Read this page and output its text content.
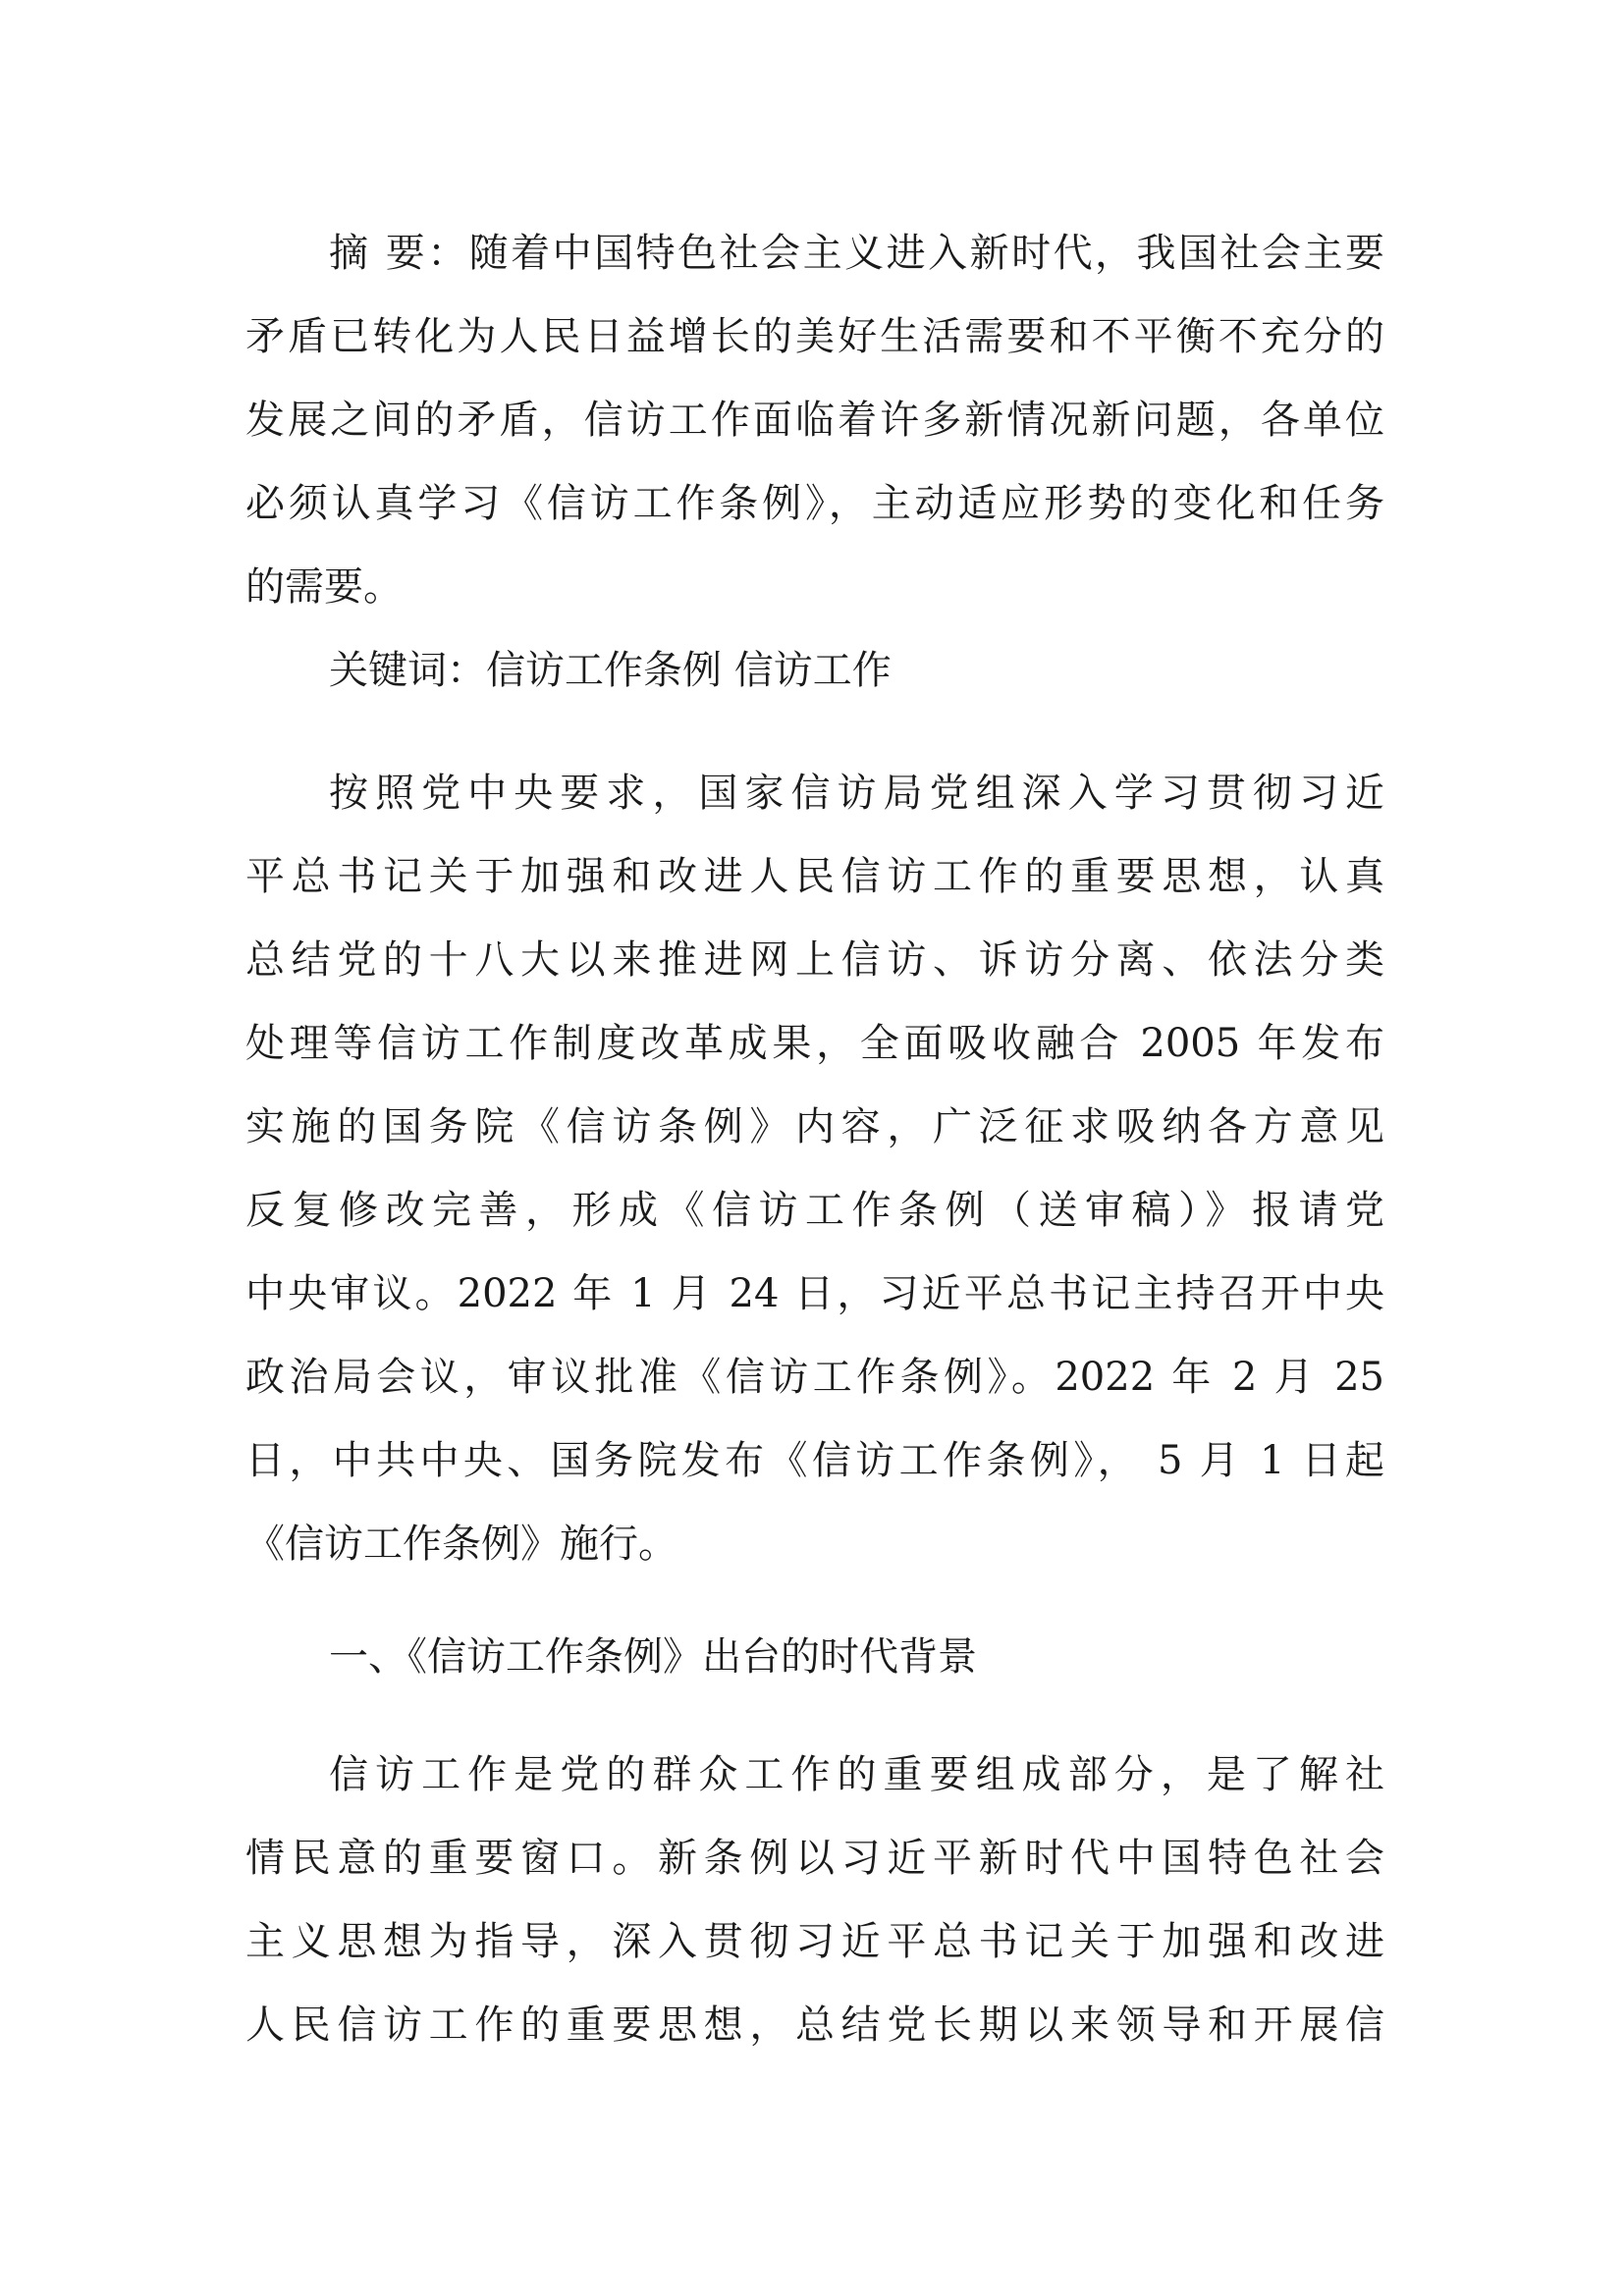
摘 要：随着中国特色社会主义进入新时代，我国社会主要
矛盾已转化为人民日益增长的美好生活需要和不平衡不充分的
发展之间的矛盾，信访工作面临着许多新情况新问题，各单位
必须认真学习《信访工作条例》，主动适应形势的变化和任务
的需要。
关键词：信访工作条例 信访工作
按照党中央要求，国家信访局党组深入学习贯彻习近
平总书记关于加强和改进人民信访工作的重要思想，认真
总结党的十八大以来推进网上信访、诉访分离、依法分类
处理等信访工作制度改革成果，全面吸收融合 2005 年发布
实施的国务院《信访条例》内容，广泛征求吸纳各方意见
反复修改完善，形成《信访工作条例（送审稿）》报请党
中央审议。2022 年 1 月 24 日，习近平总书记主持召开中央
政治局会议，审议批准《信访工作条例》。2022 年 2 月 25
日，中共中央、国务院发布《信访工作条例》， 5 月 1 日起
《信访工作条例》施行。
一、《信访工作条例》出台的时代背景
信访工作是党的群众工作的重要组成部分，是了解社
情民意的重要窗口。新条例以习近平新时代中国特色社会
主义思想为指导，深入贯彻习近平总书记关于加强和改进
人民信访工作的重要思想，总结党长期以来领导和开展信
